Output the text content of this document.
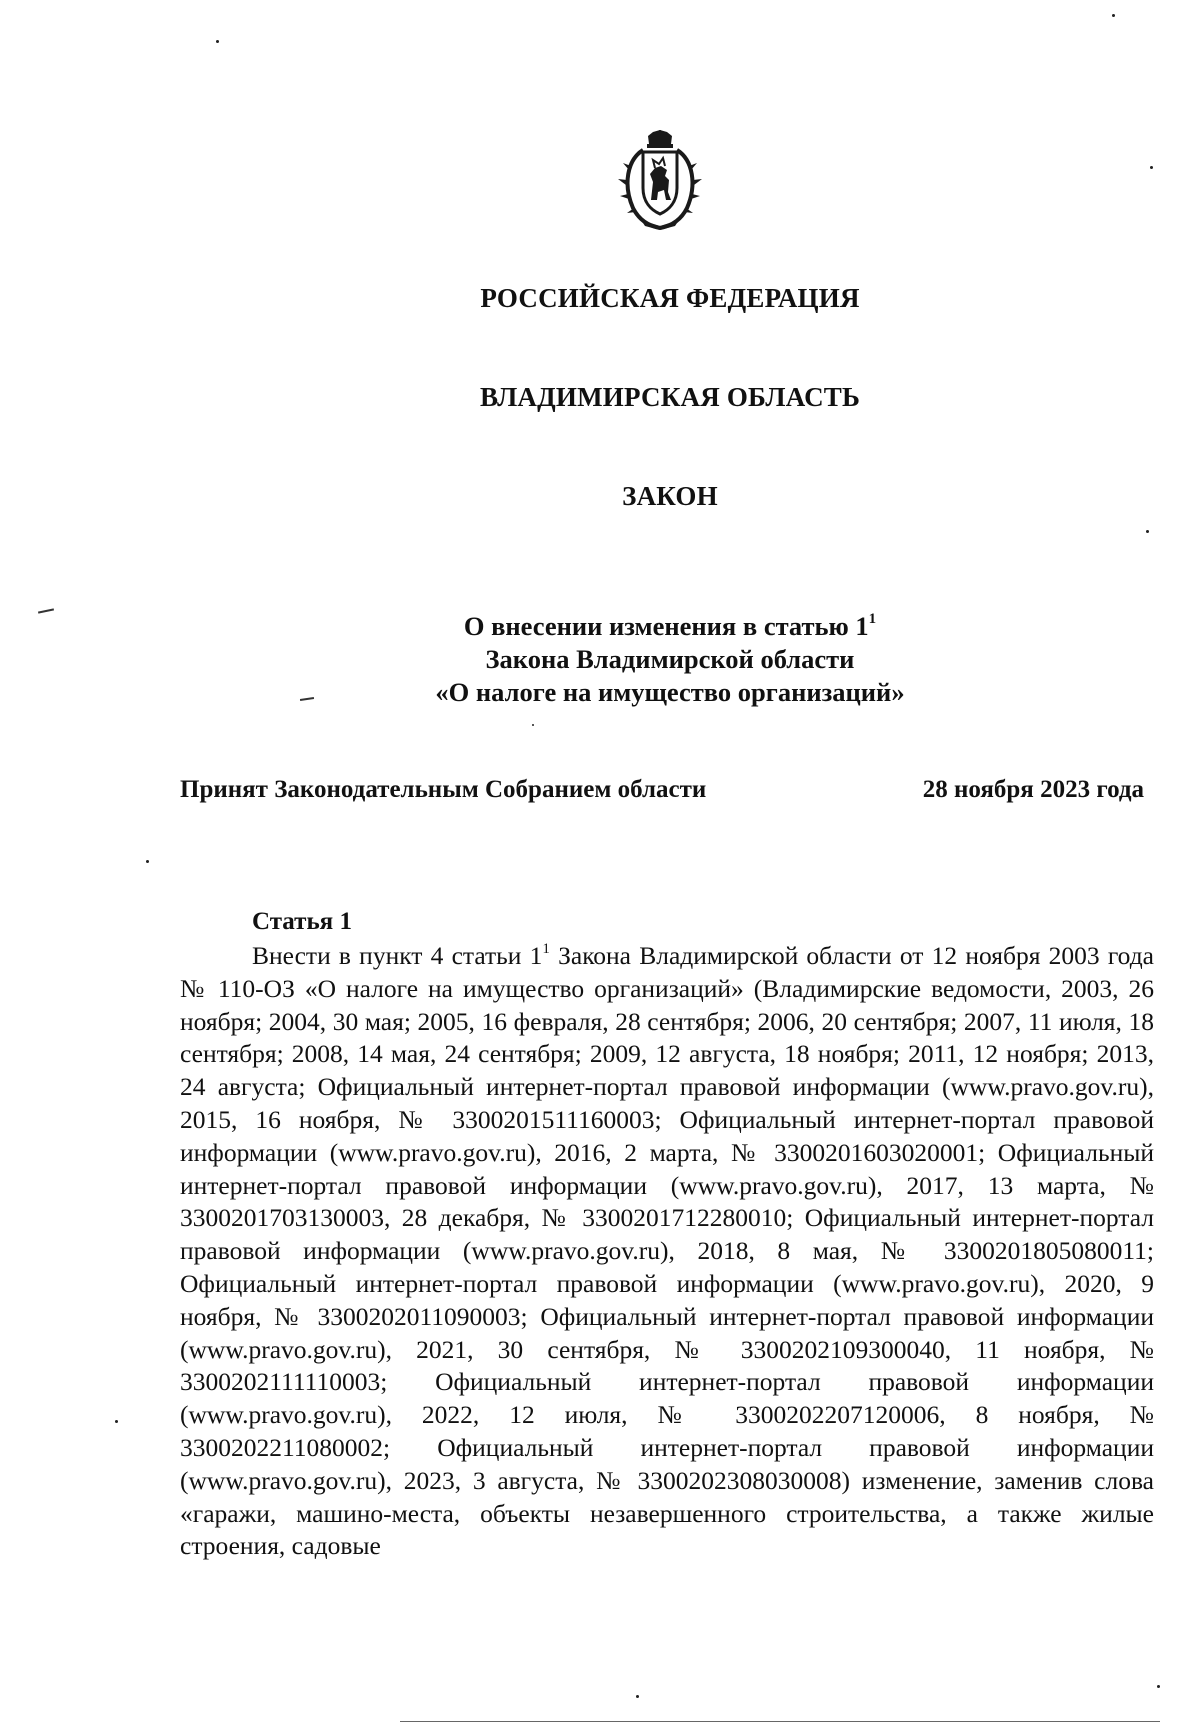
РОССИЙСКАЯ ФЕДЕРАЦИЯ
ВЛАДИМИРСКАЯ ОБЛАСТЬ
ЗАКОН
О внесении изменения в статью $1^1$
Закона Владимирской области
«О налоге на имущество организаций»
Принят Законодательным Собранием области	28 ноября 2023 года
Статья 1

Внести в пункт 4 статьи $1^1$ Закона Владимирской области от 12 ноября 2003 года № 110-ОЗ «О налоге на имущество организаций» (Владимирские ведомости, 2003, 26 ноября; 2004, 30 мая; 2005, 16 февраля, 28 сентября; 2006, 20 сентября; 2007, 11 июля, 18 сентября; 2008, 14 мая, 24 сентября; 2009, 12 августа, 18 ноября; 2011, 12 ноября; 2013, 24 августа; Официальный интернет-портал правовой информации (www.pravo.gov.ru), 2015, 16 ноября, № 3300201511160003; Официальный интернет-портал правовой информации (www.pravo.gov.ru), 2016, 2 марта, № 3300201603020001; Официальный интернет-портал правовой информации (www.pravo.gov.ru), 2017, 13 марта, № 3300201703130003, 28 декабря, № 3300201712280010; Официальный интернет-портал правовой информации (www.pravo.gov.ru), 2018, 8 мая, № 3300201805080011; Официальный интернет-портал правовой информации (www.pravo.gov.ru), 2020, 9 ноября, № 3300202011090003; Официальный интернет-портал правовой информации (www.pravo.gov.ru), 2021, 30 сентября, № 3300202109300040, 11 ноября, № 3300202111110003; Официальный интернет-портал правовой информации (www.pravo.gov.ru), 2022, 12 июля, № 3300202207120006, 8 ноября, № 3300202211080002; Официальный интернет-портал правовой информации (www.pravo.gov.ru), 2023, 3 августа, № 3300202308030008) изменение, заменив слова «гаражи, машино-места, объекты незавершенного строительства, а также жилые строения, садовые
